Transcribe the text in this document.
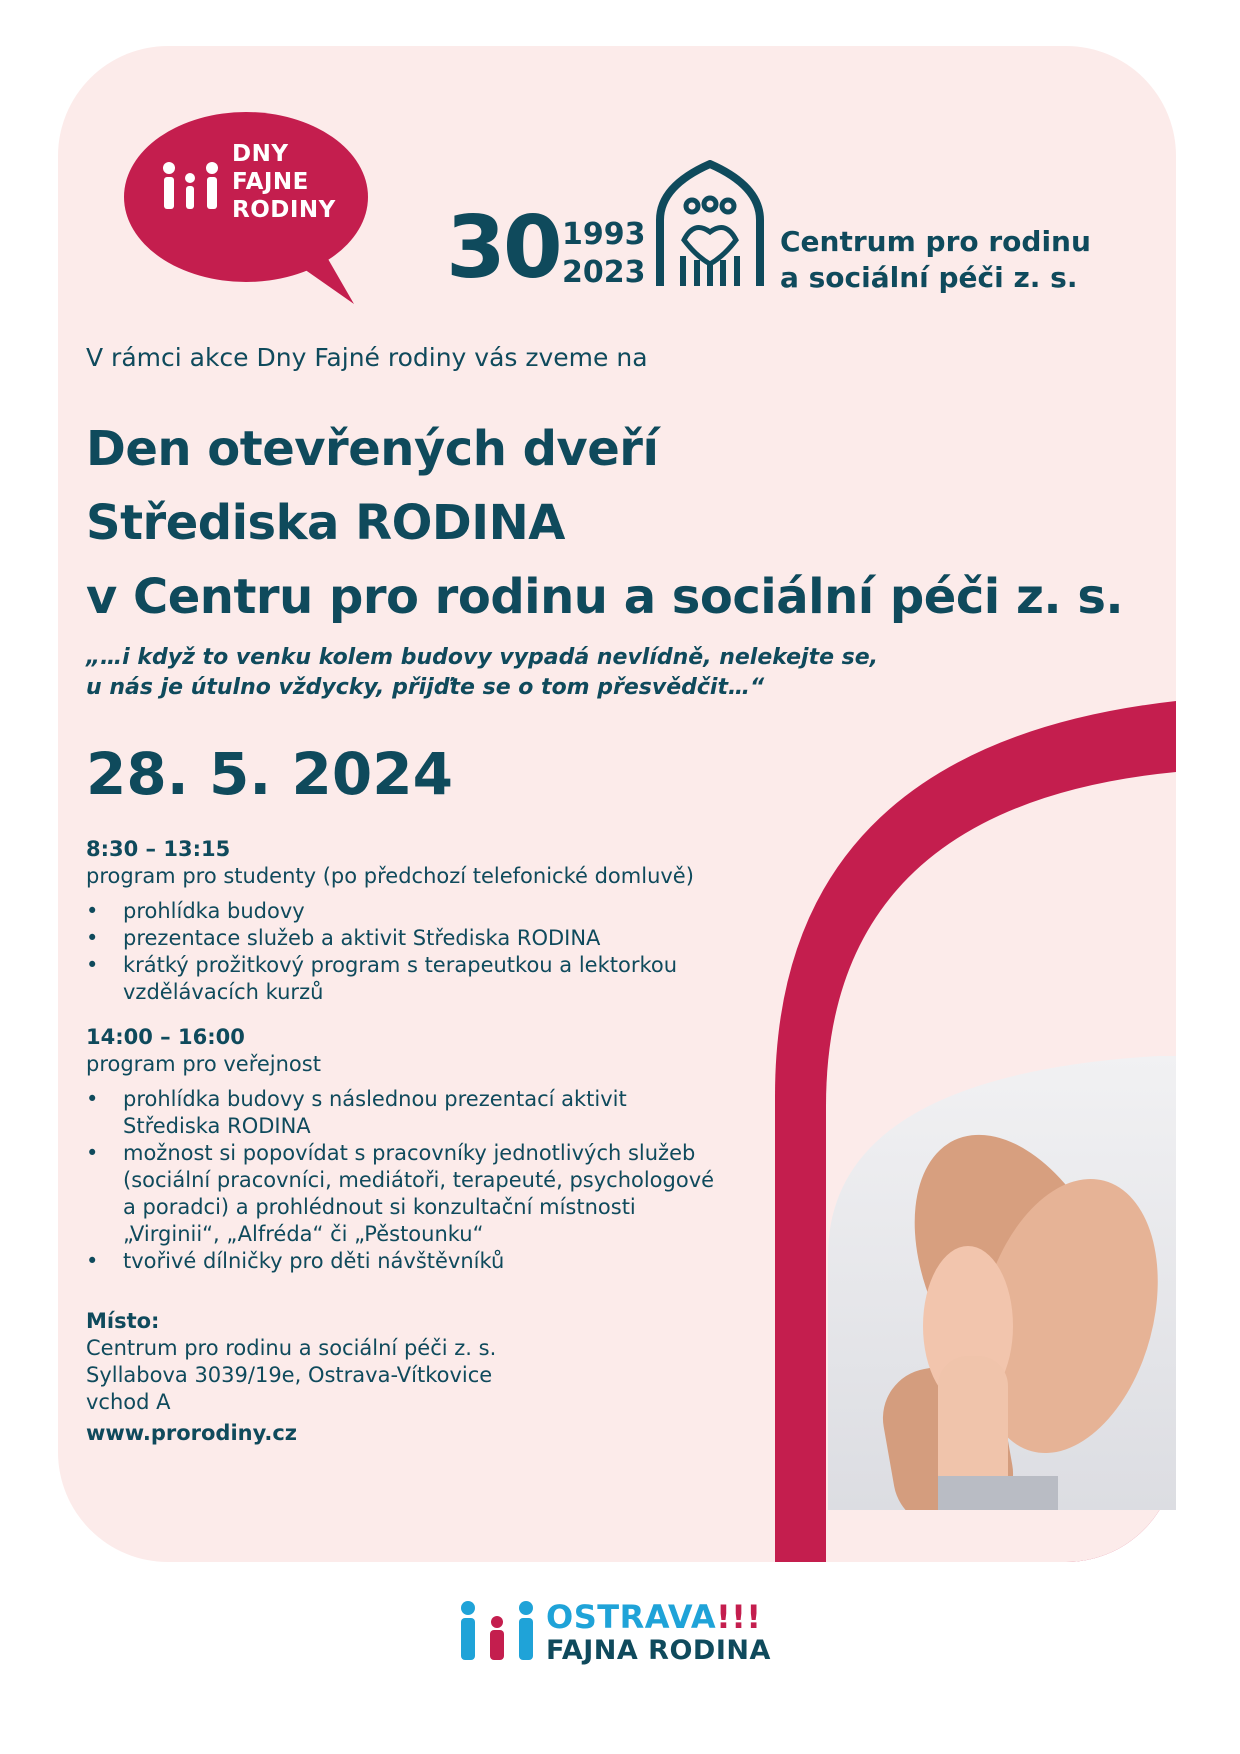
DNY
FAJNE
RODINY 30 1993
2023
Centrum pro rodinu
a sociální péči z. s.
V rámci akce Dny Fajné rodiny vás zveme na
Den otevřených dveří
Střediska RODINA
v Centru pro rodinu a sociální péči z. s.
„…i když to venku kolem budovy vypadá nevlídně, nelekejte se,
u nás je útulno vždycky, přijďte se o tom přesvědčit…“
28. 5. 2024
8:30 – 13:15
program pro studenty (po předchozí telefonické domluvě)
• prohlídka budovy
• prezentace služeb a aktivit Střediska RODINA
• krátký prožitkový program s terapeutkou a lektorkou vzdělávacích kurzů
14:00 – 16:00
program pro veřejnost
• prohlídka budovy s následnou prezentací aktivit Střediska RODINA
• možnost si popovídat s pracovníky jednotlivých služeb (sociální pracovníci, mediátoři, terapeuté, psychologové a poradci) a prohlédnout si konzultační místnosti „Virginii“, „Alfréda“ či „Pěstounku“
• tvořivé dílničky pro děti návštěvníků
Místo:
Centrum pro rodinu a sociální péči z. s.
Syllabova 3039/19e, Ostrava-Vítkovice
vchod A
www.prorodiny.cz
OSTRAVA!!!
FAJNA RODINA
